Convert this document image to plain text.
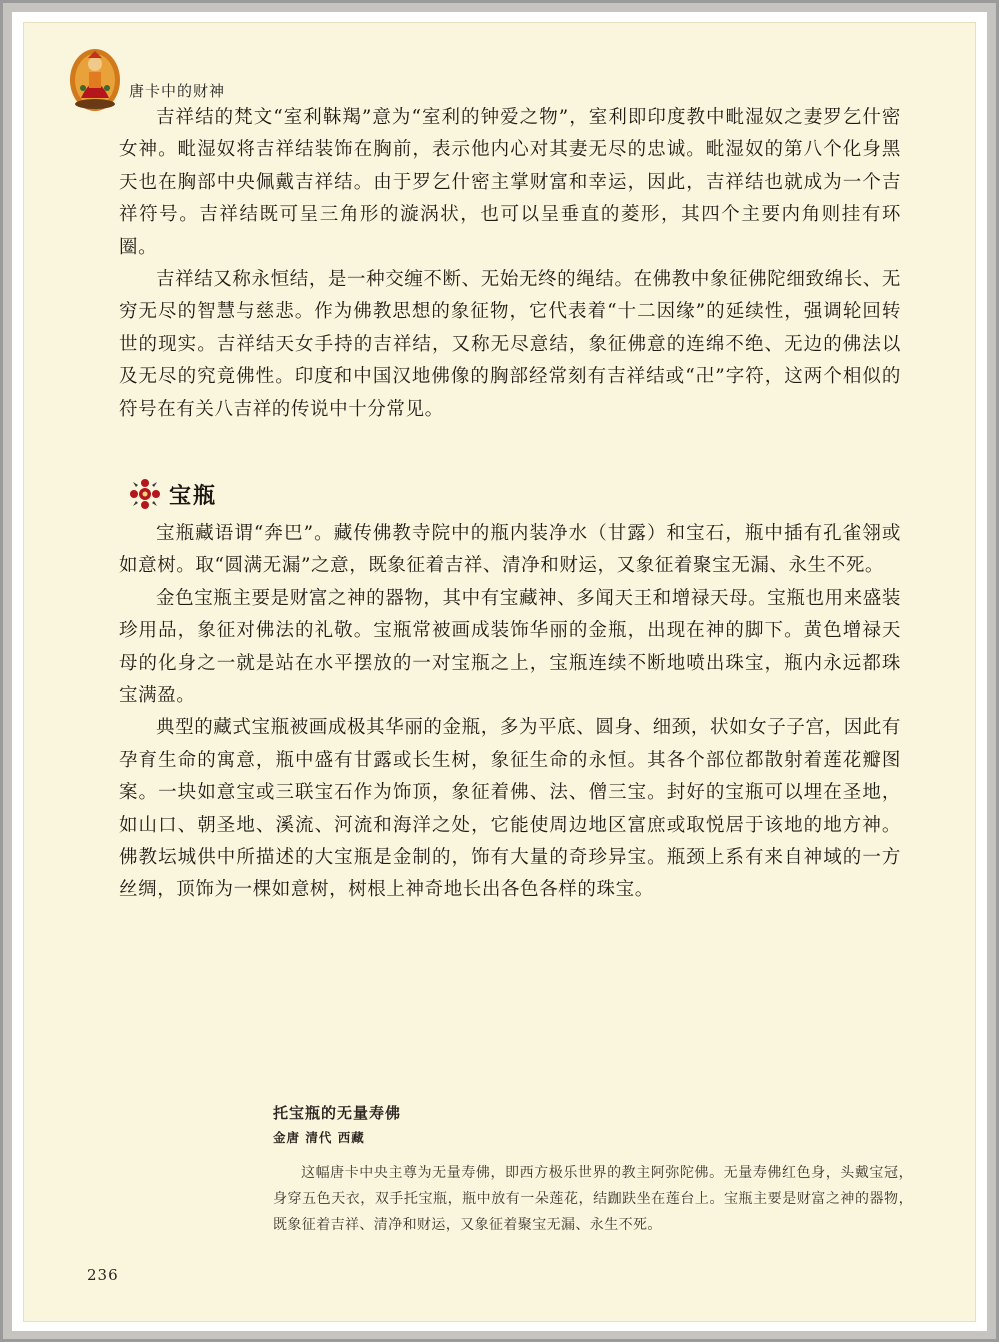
唐卡中的财神

吉祥结的梵文“室利靺羯”意为“室利的钟爱之物”，室利即印度教中毗湿奴之妻罗乞什密女神。毗湿奴将吉祥结装饰在胸前，表示他内心对其妻无尽的忠诚。毗湿奴的第八个化身黑天也在胸部中央佩戴吉祥结。由于罗乞什密主掌财富和幸运，因此，吉祥结也就成为一个吉祥符号。吉祥结既可呈三角形的漩涡状，也可以呈垂直的菱形，其四个主要内角则挂有环圈。

吉祥结又称永恒结，是一种交缠不断、无始无终的绳结。在佛教中象征佛陀细致绵长、无穷无尽的智慧与慈悲。作为佛教思想的象征物，它代表着“十二因缘”的延续性，强调轮回转世的现实。吉祥结天女手持的吉祥结，又称无尽意结，象征佛意的连绵不绝、无边的佛法以及无尽的究竟佛性。印度和中国汉地佛像的胸部经常刻有吉祥结或“卍”字符，这两个相似的符号在有关八吉祥的传说中十分常见。

宝瓶

宝瓶藏语谓“奔巴”。藏传佛教寺院中的瓶内装净水（甘露）和宝石，瓶中插有孔雀翎或如意树。取“圆满无漏”之意，既象征着吉祥、清净和财运，又象征着聚宝无漏、永生不死。

金色宝瓶主要是财富之神的器物，其中有宝藏神、多闻天王和增禄天母。宝瓶也用来盛装珍用品，象征对佛法的礼敬。宝瓶常被画成装饰华丽的金瓶，出现在神的脚下。黄色增禄天母的化身之一就是站在水平摆放的一对宝瓶之上，宝瓶连续不断地喷出珠宝，瓶内永远都珠宝满盈。

典型的藏式宝瓶被画成极其华丽的金瓶，多为平底、圆身、细颈，状如女子子宫，因此有孕育生命的寓意，瓶中盛有甘露或长生树，象征生命的永恒。其各个部位都散射着莲花瓣图案。一块如意宝或三联宝石作为饰顶，象征着佛、法、僧三宝。封好的宝瓶可以埋在圣地，如山口、朝圣地、溪流、河流和海洋之处，它能使周边地区富庶或取悦居于该地的地方神。佛教坛城供中所描述的大宝瓶是金制的，饰有大量的奇珍异宝。瓶颈上系有来自神域的一方丝绸，顶饰为一棵如意树，树根上神奇地长出各色各样的珠宝。

托宝瓶的无量寿佛
金唐 清代 西藏

这幅唐卡中央主尊为无量寿佛，即西方极乐世界的教主阿弥陀佛。无量寿佛红色身，头戴宝冠，身穿五色天衣，双手托宝瓶，瓶中放有一朵莲花，结跏趺坐在莲台上。宝瓶主要是财富之神的器物，既象征着吉祥、清净和财运，又象征着聚宝无漏、永生不死。

236
